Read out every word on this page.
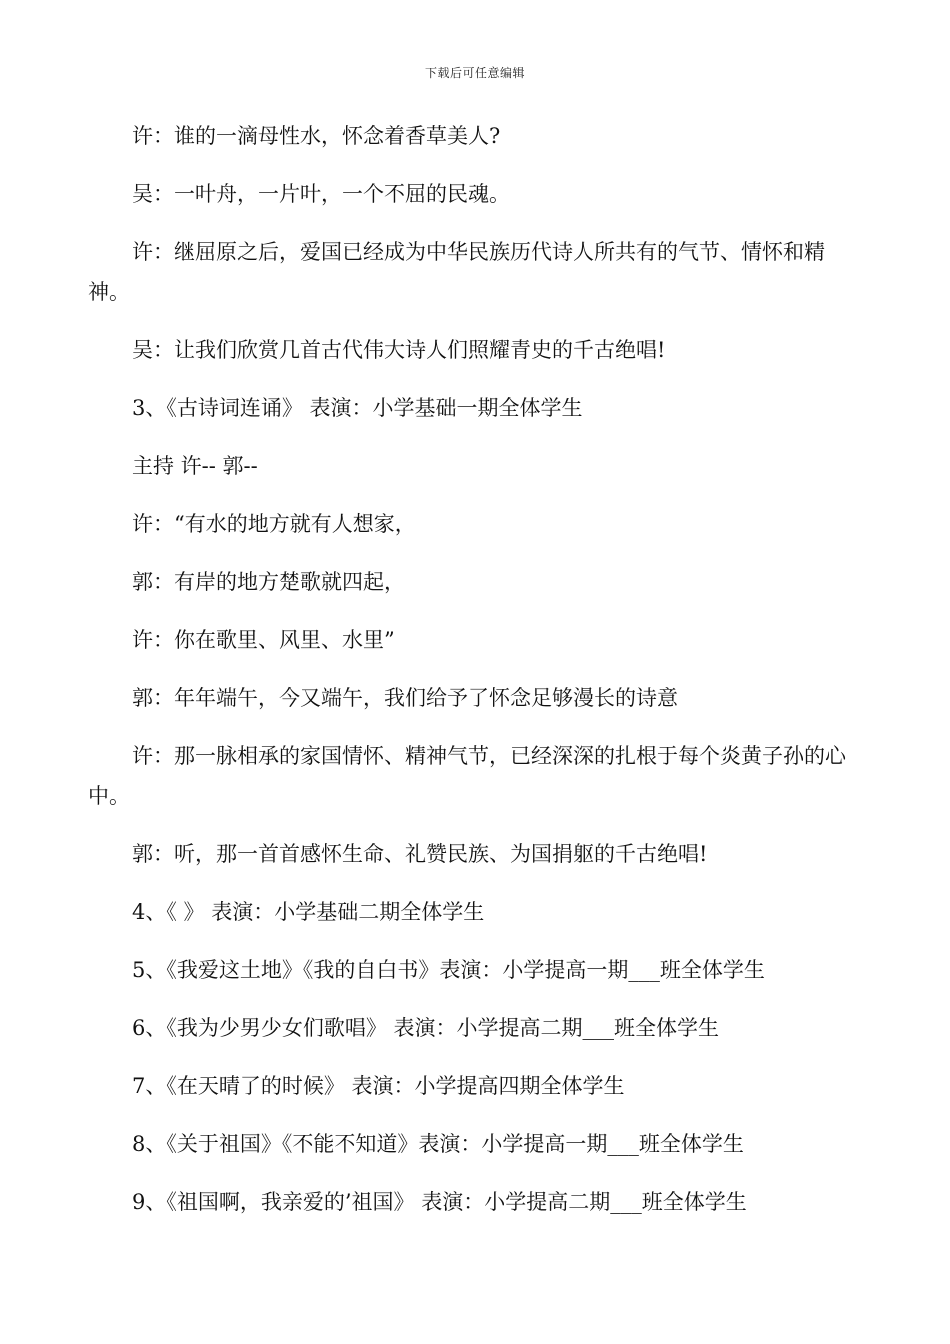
下载后可任意编辑

许：谁的一滴母性水，怀念着香草美人?

吴：一叶舟，一片叶，一个不屈的民魂。

许：继屈原之后，爱国已经成为中华民族历代诗人所共有的气节、情怀和精神。

吴：让我们欣赏几首古代伟大诗人们照耀青史的千古绝唱!

3、《古诗词连诵》 表演：小学基础一期全体学生

主持 许-- 郭--

许：“有水的地方就有人想家，

郭：有岸的地方楚歌就四起，

许：你在歌里、风里、水里”

郭：年年端午，今又端午，我们给予了怀念足够漫长的诗意

许：那一脉相承的家国情怀、精神气节，已经深深的扎根于每个炎黄子孙的心中。

郭：听，那一首首感怀生命、礼赞民族、为国捐躯的千古绝唱!

4、《 》 表演：小学基础二期全体学生

5、《我爱这土地》《我的自白书》表演：小学提高一期___班全体学生

6、《我为少男少女们歌唱》 表演：小学提高二期___班全体学生

7、《在天晴了的时候》 表演：小学提高四期全体学生

8、《关于祖国》《不能不知道》表演：小学提高一期___班全体学生

9、《祖国啊，我亲爱的’祖国》 表演：小学提高二期___班全体学生
